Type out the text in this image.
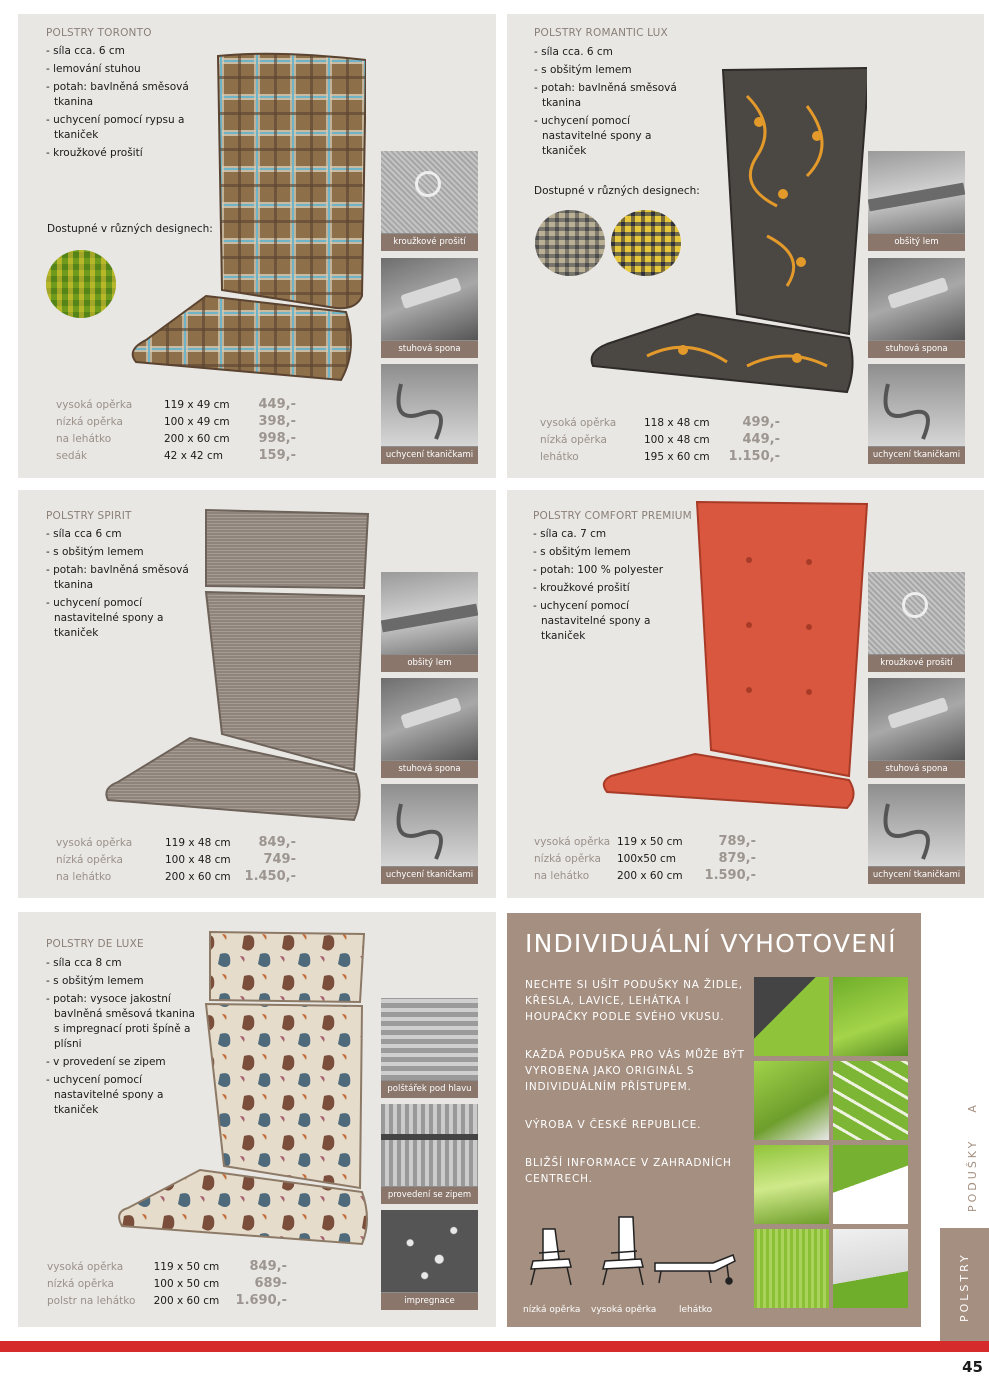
POLSTRY TORONTO
- síla cca. 6 cm
- lemování stuhou
- potah: bavlněná směsová tkanina
- uchycení pomocí rypsu a tkaniček
- kroužkové prošití
Dostupné v různých designech:
kroužkové prošití
stuhová spona
uchycení tkaničkami
vysoká opěrka	119 x 49 cm	449,-
nízká opěrka	100 x 49 cm	398,-
na lehátko	200 x 60 cm	998,-
sedák	42 x 42 cm	159,-
POLSTRY ROMANTIC LUX
- síla cca. 6 cm
- s obšitým lemem
- potah: bavlněná směsová tkanina
- uchycení pomocí nastavitelné spony a tkaniček
Dostupné v různých designech:
obšitý lem
stuhová spona
uchycení tkaničkami
vysoká opěrka	118 x 48 cm	499,-
nízká opěrka	100 x 48 cm	449,-
lehátko	195 x 60 cm	1.150,-
POLSTRY SPIRIT
- síla cca 6 cm
- s obšitým lemem
- potah: bavlněná směsová tkanina
- uchycení pomocí nastavitelné spony a tkaniček
obšitý lem
stuhová spona
uchycení tkaničkami
vysoká opěrka	119 x 48 cm	849,-
nízká opěrka	100 x 48 cm	749-
na lehátko	200 x 60 cm	1.450,-
POLSTRY COMFORT PREMIUM
- síla ca. 7 cm
- s obšitým lemem
- potah: 100 % polyester
- kroužkové prošití
- uchycení pomocí nastavitelné spony a tkaniček
kroužkové prošití
stuhová spona
uchycení tkaničkami
vysoká opěrka	119 x 50 cm	789,-
nízká opěrka	100x50 cm	879,-
na lehátko	200 x 60 cm	1.590,-
POLSTRY DE LUXE
- síla cca 8 cm
- s obšitým lemem
- potah: vysoce jakostní bavlněná směsová tkanina s impregnací proti špíně a plísni
- v provedení se zipem
- uchycení pomocí nastavitelné spony a tkaniček
polštářek pod hlavu
provedení se zipem
impregnace
vysoká opěrka	119 x 50 cm	849,-
nízká opěrka	100 x 50 cm	689-
polstr na lehátko	200 x 60 cm	1.690,-
INDIVIDUÁLNÍ VYHOTOVENÍ
NECHTE SI UŠÍT PODUŠKY NA ŽIDLE, KŘESLA, LAVICE, LEHÁTKA I HOUPAČKY PODLE SVÉHO VKUSU.
KAŽDÁ PODUŠKA PRO VÁS MŮŽE BÝT VYROBENA JAKO ORIGINÁL S INDIVIDUÁLNÍM PŘÍSTUPEM.
VÝROBA V ČESKÉ REPUBLICE.
BLIŽŠÍ INFORMACE V ZAHRADNÍCH CENTRECH.
nízká opěrka vysoká opěrka	lehátko
PODUŠKY    A
POLSTRY
45
